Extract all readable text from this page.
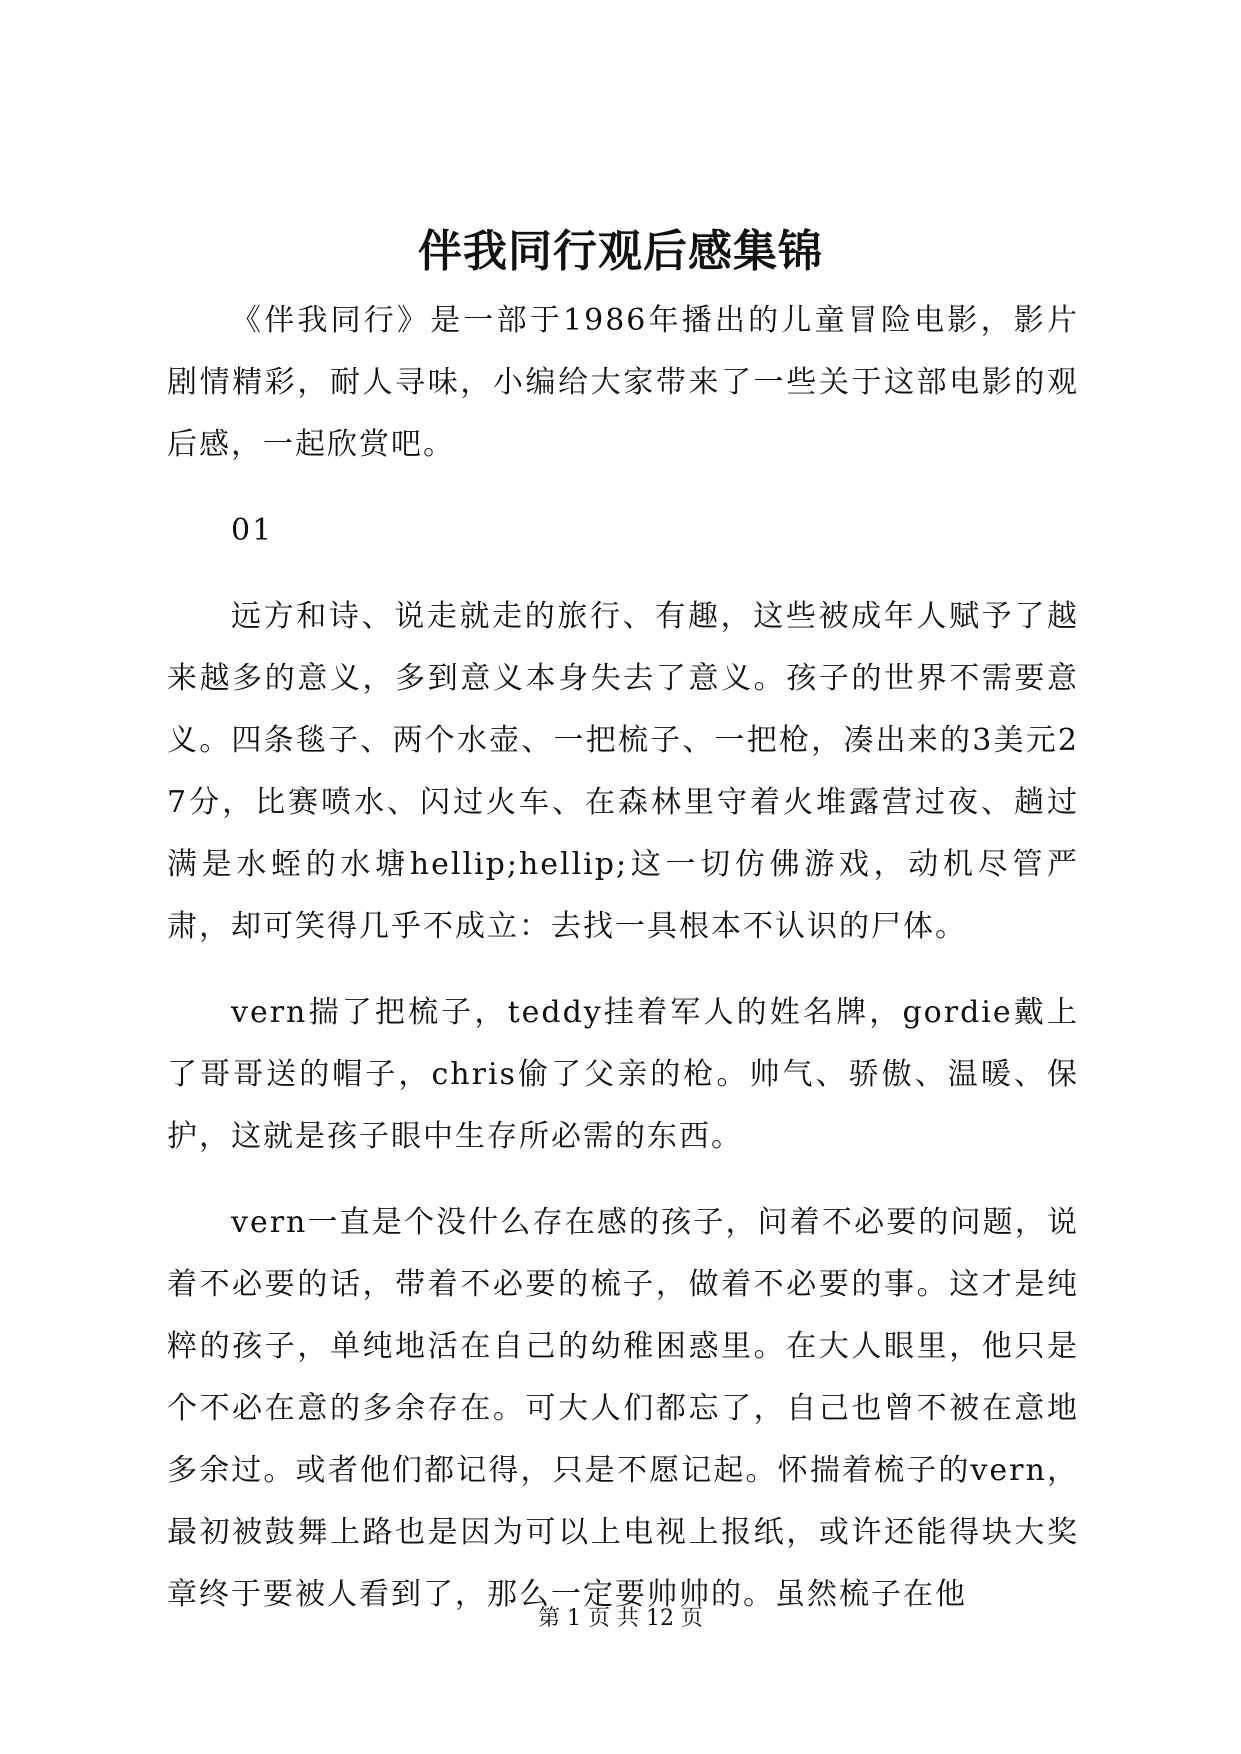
伴我同行观后感集锦

《伴我同行》是一部于1986年播出的儿童冒险电影，影片剧情精彩，耐人寻味，小编给大家带来了一些关于这部电影的观后感，一起欣赏吧。

01

远方和诗、说走就走的旅行、有趣，这些被成年人赋予了越来越多的意义，多到意义本身失去了意义。孩子的世界不需要意义。四条毯子、两个水壶、一把梳子、一把枪，凑出来的3美元27分，比赛喷水、闪过火车、在森林里守着火堆露营过夜、趟过满是水蛭的水塘hellip;hellip;这一切仿佛游戏，动机尽管严肃，却可笑得几乎不成立：去找一具根本不认识的尸体。

vern揣了把梳子，teddy挂着军人的姓名牌，gordie戴上了哥哥送的帽子，chris偷了父亲的枪。帅气、骄傲、温暖、保护，这就是孩子眼中生存所必需的东西。

vern一直是个没什么存在感的孩子，问着不必要的问题，说着不必要的话，带着不必要的梳子，做着不必要的事。这才是纯粹的孩子，单纯地活在自己的幼稚困惑里。在大人眼里，他只是个不必在意的多余存在。可大人们都忘了，自己也曾不被在意地多余过。或者他们都记得，只是不愿记起。怀揣着梳子的vern，最初被鼓舞上路也是因为可以上电视上报纸，或许还能得块大奖章终于要被人看到了，那么一定要帅帅的。虽然梳子在他

第 1 页 共 12 页
